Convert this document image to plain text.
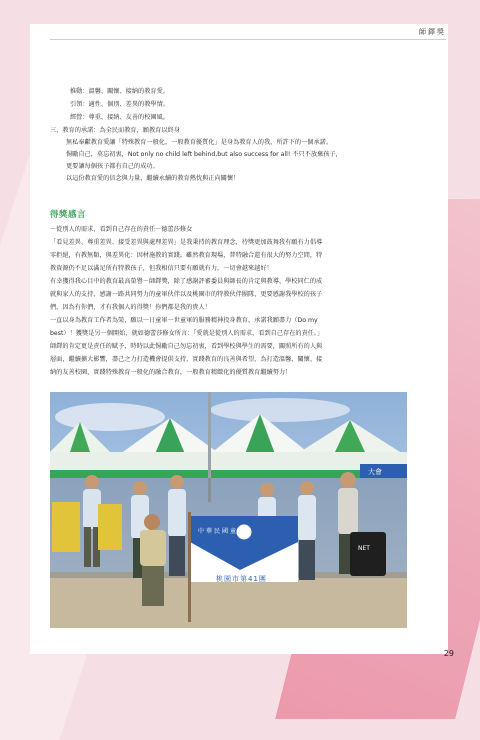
師鐸獎
推動：溫馨、關懷、接納的教育愛。
引領：適性、個別、差異的教學情。
經營：尊重、接納、友善的校園風。
三、教育的承諾：為全民而教育，願教育以終身
無私奉獻教育愛讓「特殊教育一般化，一般教育優質化」是身為教育人的我，所許下的一個承諾。
惕勵自己，莫忘初衷，Not only no child left behind,but also success for all! 不只不放棄孩子，
更要讓每個孩子都有自己的成功。
以這份教育愛的信念與力量，繼續永續的教育熱忱與正向關懷！
得獎感言
－從別人的需求，看到自己存在的責任－德蕾莎修女
「看見差異、尊重差異、接受差異與處理差異」是我秉持的教育理念，待獎更加鼓舞我有願有力倡導
零拒絕，有教無類，與差異化：因材施教的實踐。雖然教育現場，普特融合還有很大的努力空間，特
教資源仍不足以滿足所有特教孩子，但我相信只要有願就有力，一切會越來越好！
有幸獲得我心目中的教育最高榮譽－師鐸獎，除了感謝評審委員與師長的肯定與教導、學校同仁的成
就與家人的支持，感謝一路共同努力的童軍伙伴以及桃園市的特教伙伴團隊，更要感謝我學校的孩子
們，因為有你們，才有我個人的得獎！你們都是我的貴人！
一直以身為教育工作者為榮，願以一日童軍一世童軍的服務精神投身教育，承諾我願盡力（Do my
best）！獲獎是另一個開始，就如德蕾莎修女所言：「愛就是從別人的需求，看到自己存在的責任。」
師鐸的肯定更是責任的賦予，時時以此惕勵自己勿忘初衷，看到學校與學生的需要，關照所有的人與
層面，繼續擴大影響，盡己之力打造機會提供支持，實踐教育的良善與希望，為打造溫馨、關懷、接
納的友善校園，實踐特殊教育一般化的融合教育，一般教育精緻化的優質教育繼續努力！
大會
NET
中華民國童軍
桃園市第41團
29
